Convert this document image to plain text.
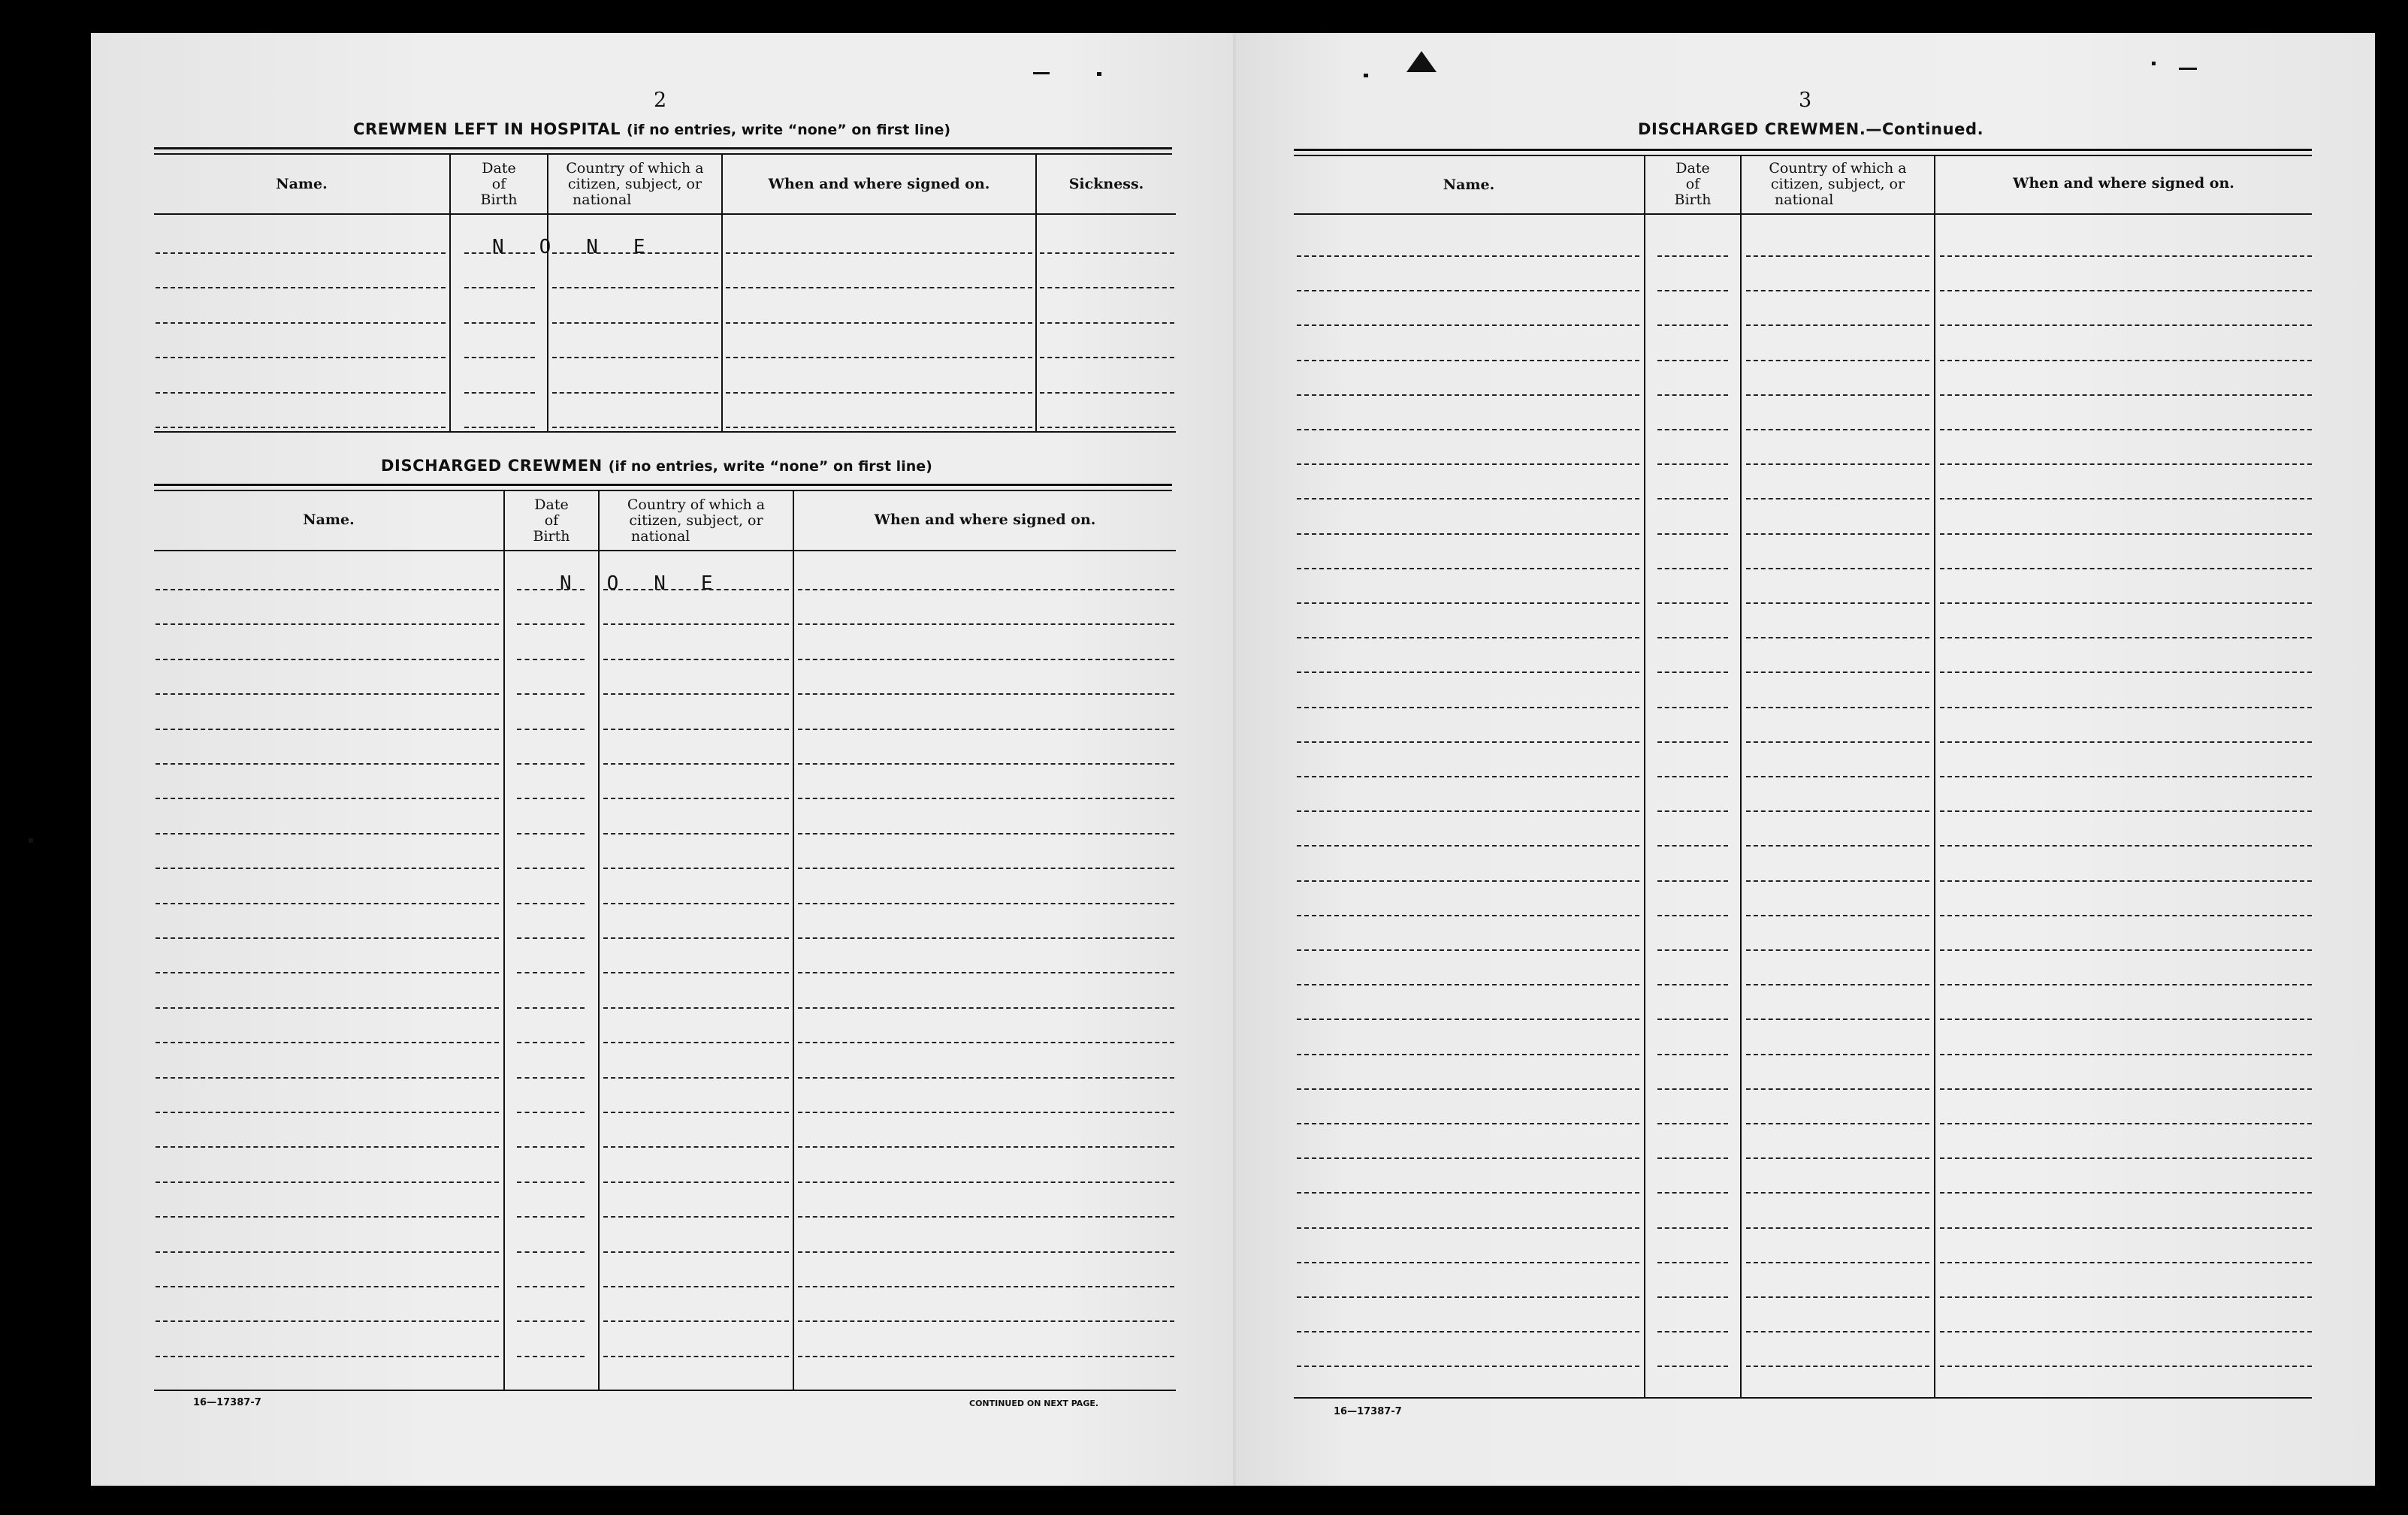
2
CREWMEN LEFT IN HOSPITAL (if no entries, write “none” on first line)
Name.
Date
of
Birth
Country of which a
citizen, subject, or
national
When and where signed on.	Sickness.
N   O   N   E
DISCHARGED CREWMEN (if no entries, write “none” on first line)
Name.
Date
of
Birth
Country of which a
citizen, subject, or
national
When and where signed on.
N   O   N   E
16—17387-7	CONTINUED ON NEXT PAGE.
3
DISCHARGED CREWMEN.—Continued.
Name.
Date
of
Birth
Country of which a
citizen, subject, or
national
When and where signed on.
16—17387-7
